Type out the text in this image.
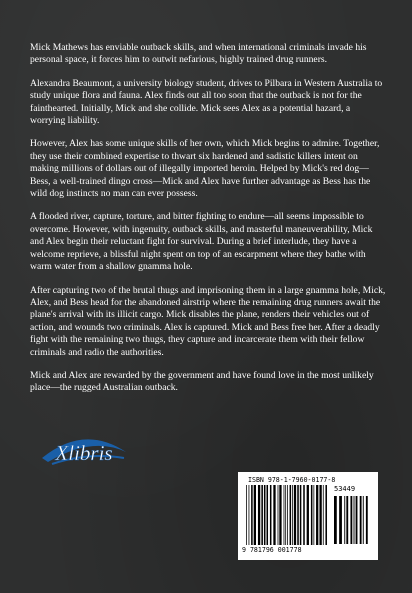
Mick Mathews has enviable outback skills, and when international criminals invade his personal space, it forces him to outwit nefarious, highly trained drug runners.

Alexandra Beaumont, a university biology student, drives to Pilbara in Western Australia to study unique flora and fauna. Alex finds out all too soon that the outback is not for the fainthearted. Initially, Mick and she collide. Mick sees Alex as a potential hazard, a worrying liability.

However, Alex has some unique skills of her own, which Mick begins to admire. Together, they use their combined expertise to thwart six hardened and sadistic killers intent on making millions of dollars out of illegally imported heroin. Helped by Mick's red dog—Bess, a well-trained dingo cross—Mick and Alex have further advantage as Bess has the wild dog instincts no man can ever possess.

A flooded river, capture, torture, and bitter fighting to endure—all seems impossible to overcome. However, with ingenuity, outback skills, and masterful maneuverability, Mick and Alex begin their reluctant fight for survival. During a brief interlude, they have a welcome reprieve, a blissful night spent on top of an escarpment where they bathe with warm water from a shallow gnamma hole.

After capturing two of the brutal thugs and imprisoning them in a large gnamma hole, Mick, Alex, and Bess head for the abandoned airstrip where the remaining drug runners await the plane's arrival with its illicit cargo. Mick disables the plane, renders their vehicles out of action, and wounds two criminals. Alex is captured. Mick and Bess free her. After a deadly fight with the remaining two thugs, they capture and incarcerate them with their fellow criminals and radio the authorities.

Mick and Alex are rewarded by the government and have found love in the most unlikely place—the rugged Australian outback.

Xlibris
ISBN 978-1-7960-0177-8
53449
9 781796 001778
